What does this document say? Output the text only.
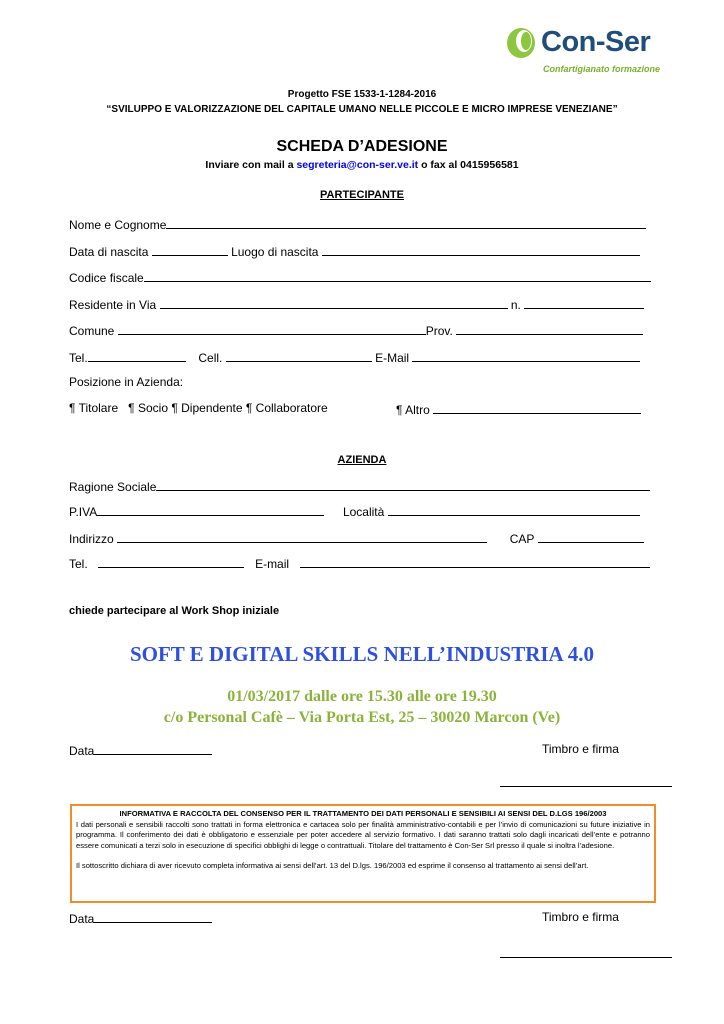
Con-Ser
Confartigianato formazione
Progetto FSE 1533-1-1284-2016
“SVILUPPO E VALORIZZAZIONE DEL CAPITALE UMANO NELLE PICCOLE E MICRO IMPRESE VENEZIANE”
SCHEDA D’ADESIONE
Inviare con mail a segreteria@con-ser.ve.it o fax al 0415956581
PARTECIPANTE
Nome e Cognome
Data di nascita	Luogo di nascita
Codice fiscale
Residente in Via	n.
Comune	Prov.
Tel.	Cell.	E-Mail
Posizione in Azienda:
¶ Titolare ¶ Socio ¶ Dipendente ¶ Collaboratore	¶ Altro
AZIENDA
Ragione Sociale
P.IVA	Località
Indirizzo	CAP
Tel.	E-mail
chiede partecipare al Work Shop iniziale
SOFT E DIGITAL SKILLS NELL’INDUSTRIA 4.0
01/03/2017 dalle ore 15.30 alle ore 19.30
c/o Personal Cafè – Via Porta Est, 25 – 30020 Marcon (Ve)
Data	Timbro e firma
INFORMATIVA E RACCOLTA DEL CONSENSO PER IL TRATTAMENTO DEI DATI PERSONALI E SENSIBILI AI SENSI DEL D.LGS 196/2003

I dati personali e sensibili raccolti sono trattati in forma elettronica e cartacea solo per finalità amministrativo-contabili e per l’invio di comunicazioni su future iniziative in programma. Il conferimento dei dati è obbligatorio e essenziale per poter accedere al servizio formativo. I dati saranno trattati solo dagli incaricati dell’ente e potranno essere comunicati a terzi solo in esecuzione di specifici obblighi di legge o contrattuali. Titolare del trattamento è Con-Ser Srl presso il quale si inoltra l’adesione.

Il sottoscritto dichiara di aver ricevuto completa informativa ai sensi dell’art. 13 del D.lgs. 196/2003 ed esprime il consenso al trattamento ai sensi dell’art.

Data	Timbro e firma
